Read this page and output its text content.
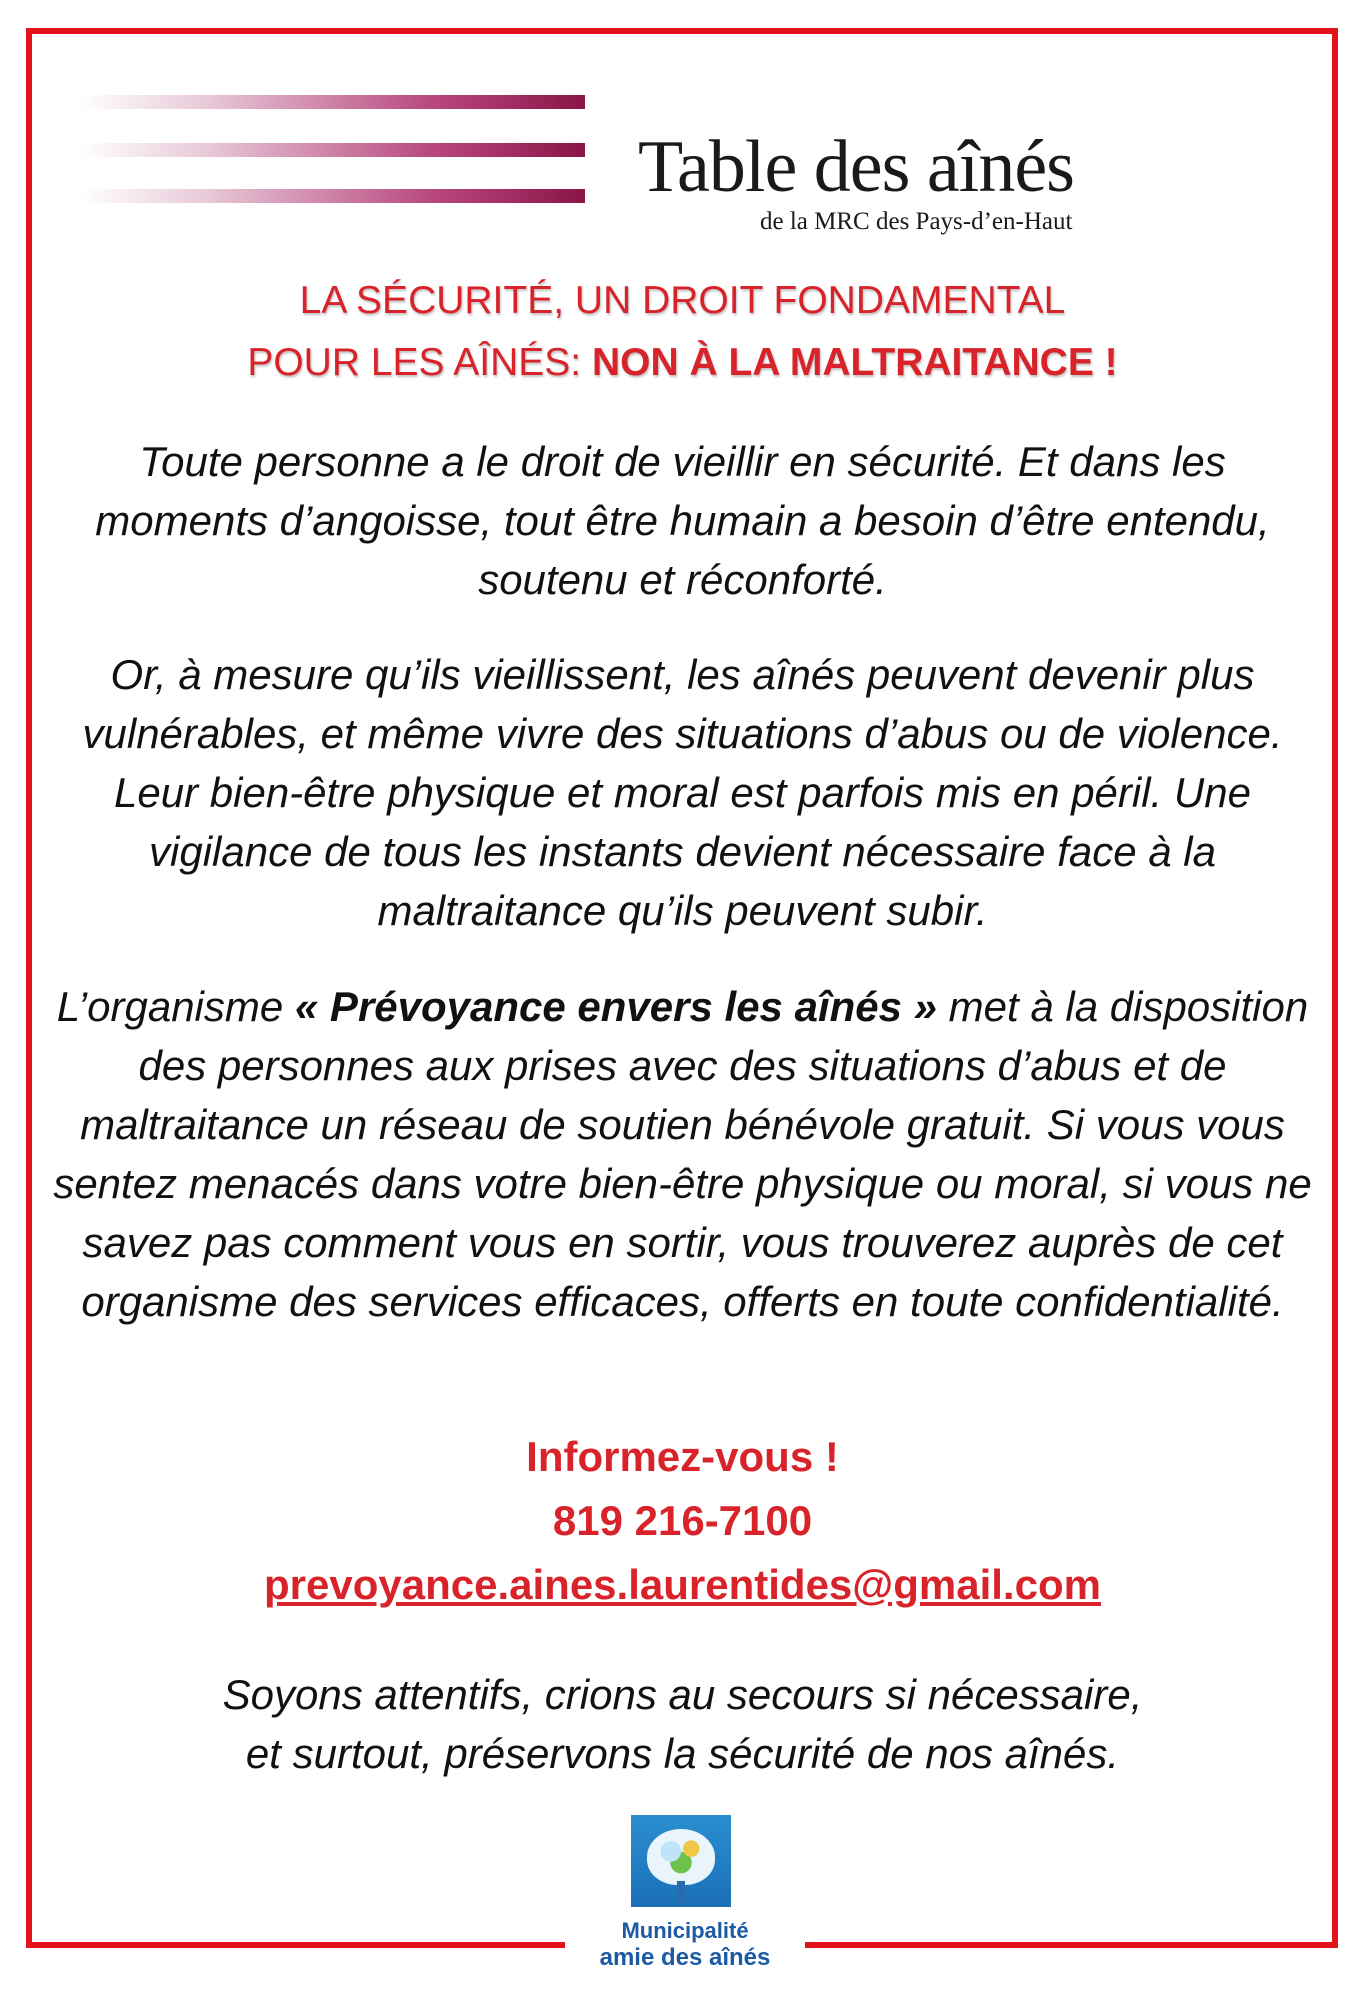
Table des aînés
de la MRC des Pays-d’en-Haut
LA SÉCURITÉ, UN DROIT FONDAMENTAL
POUR LES AÎNÉS: NON À LA MALTRAITANCE !
Toute personne a le droit de vieillir en sécurité. Et dans les moments d’angoisse, tout être humain a besoin d’être entendu, soutenu et réconforté.
Or, à mesure qu’ils vieillissent, les aînés peuvent devenir plus vulnérables, et même vivre des situations d’abus ou de violence. Leur bien-être physique et moral est parfois mis en péril. Une vigilance de tous les instants devient nécessaire face à la maltraitance qu’ils peuvent subir.
L’organisme « Prévoyance envers les aînés » met à la disposition des personnes aux prises avec des situations d’abus et de maltraitance un réseau de soutien bénévole gratuit. Si vous vous sentez menacés dans votre bien-être physique ou moral, si vous ne savez pas comment vous en sortir, vous trouverez auprès de cet organisme des services efficaces, offerts en toute confidentialité.
Informez-vous !
819 216-7100
prevoyance.aines.laurentides@gmail.com
Soyons attentifs, crions au secours si nécessaire,
et surtout, préservons la sécurité de nos aînés.
Municipalité
amie des aînés
